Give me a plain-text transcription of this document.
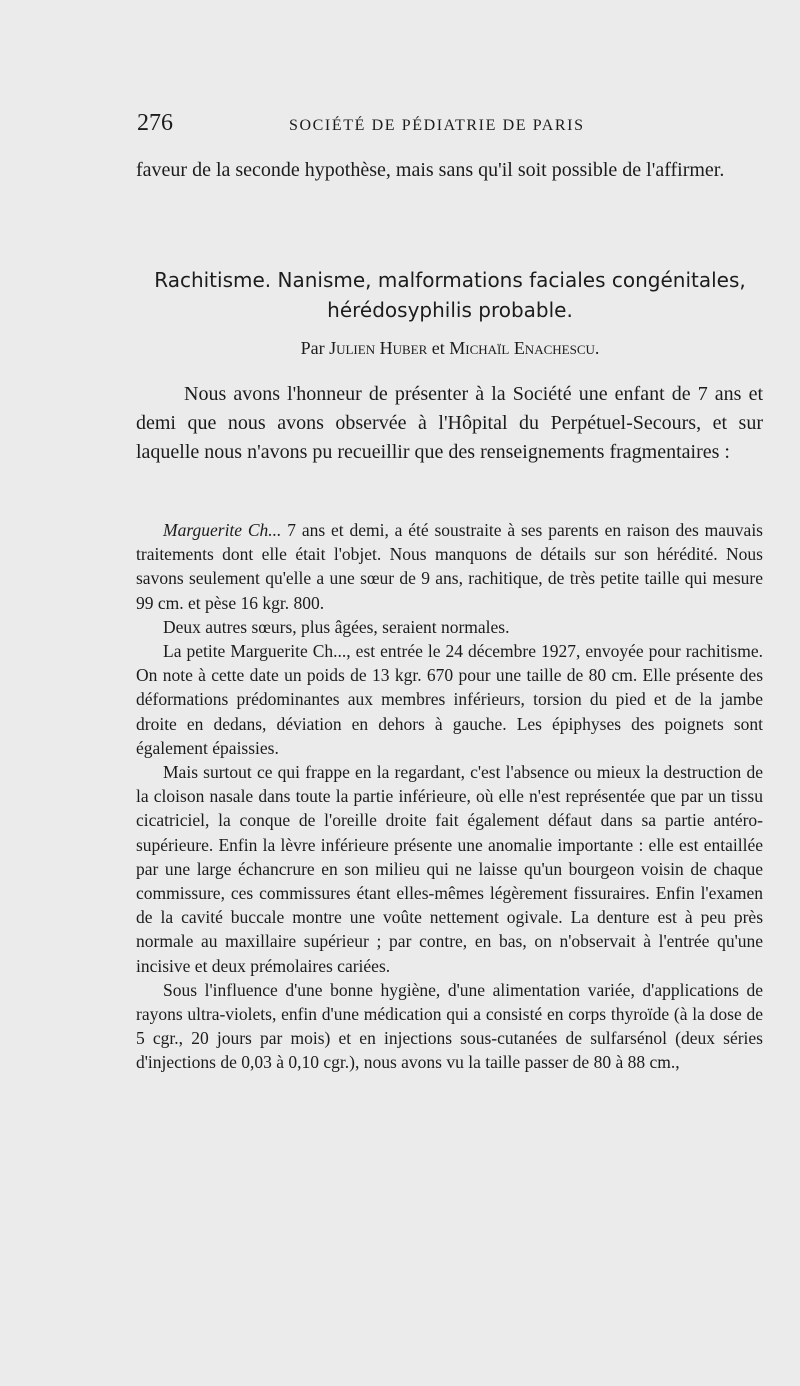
276	SOCIÉTÉ DE PÉDIATRIE DE PARIS

faveur de la seconde hypothèse, mais sans qu'il soit possible de l'affirmer.

Rachitisme. Nanisme, malformations faciales congénitales,
hérédosyphilis probable.
Par Julien Huber et Michaïl Enachescu.

Nous avons l'honneur de présenter à la Société une enfant de 7 ans et demi que nous avons observée à l'Hôpital du Perpétuel-Secours, et sur laquelle nous n'avons pu recueillir que des renseignements fragmentaires :

Marguerite Ch... 7 ans et demi, a été soustraite à ses parents en raison des mauvais traitements dont elle était l'objet. Nous manquons de détails sur son hérédité. Nous savons seulement qu'elle a une sœur de 9 ans, rachitique, de très petite taille qui mesure 99 cm. et pèse 16 kgr. 800.

Deux autres sœurs, plus âgées, seraient normales.

La petite Marguerite Ch..., est entrée le 24 décembre 1927, envoyée pour rachitisme. On note à cette date un poids de 13 kgr. 670 pour une taille de 80 cm. Elle présente des déformations prédominantes aux membres inférieurs, torsion du pied et de la jambe droite en dedans, déviation en dehors à gauche. Les épiphyses des poignets sont également épaissies.

Mais surtout ce qui frappe en la regardant, c'est l'absence ou mieux la destruction de la cloison nasale dans toute la partie inférieure, où elle n'est représentée que par un tissu cicatriciel, la conque de l'oreille droite fait également défaut dans sa partie antéro-supérieure. Enfin la lèvre inférieure présente une anomalie importante : elle est entaillée par une large échancrure en son milieu qui ne laisse qu'un bourgeon voisin de chaque commissure, ces commissures étant elles-mêmes légèrement fissuraires. Enfin l'examen de la cavité buccale montre une voûte nettement ogivale. La denture est à peu près normale au maxillaire supérieur ; par contre, en bas, on n'observait à l'entrée qu'une incisive et deux prémolaires cariées.

Sous l'influence d'une bonne hygiène, d'une alimentation variée, d'applications de rayons ultra-violets, enfin d'une médication qui a consisté en corps thyroïde (à la dose de 5 cgr., 20 jours par mois) et en injections sous-cutanées de sulfarsénol (deux séries d'injections de 0,03 à 0,10 cgr.), nous avons vu la taille passer de 80 à 88 cm.,
